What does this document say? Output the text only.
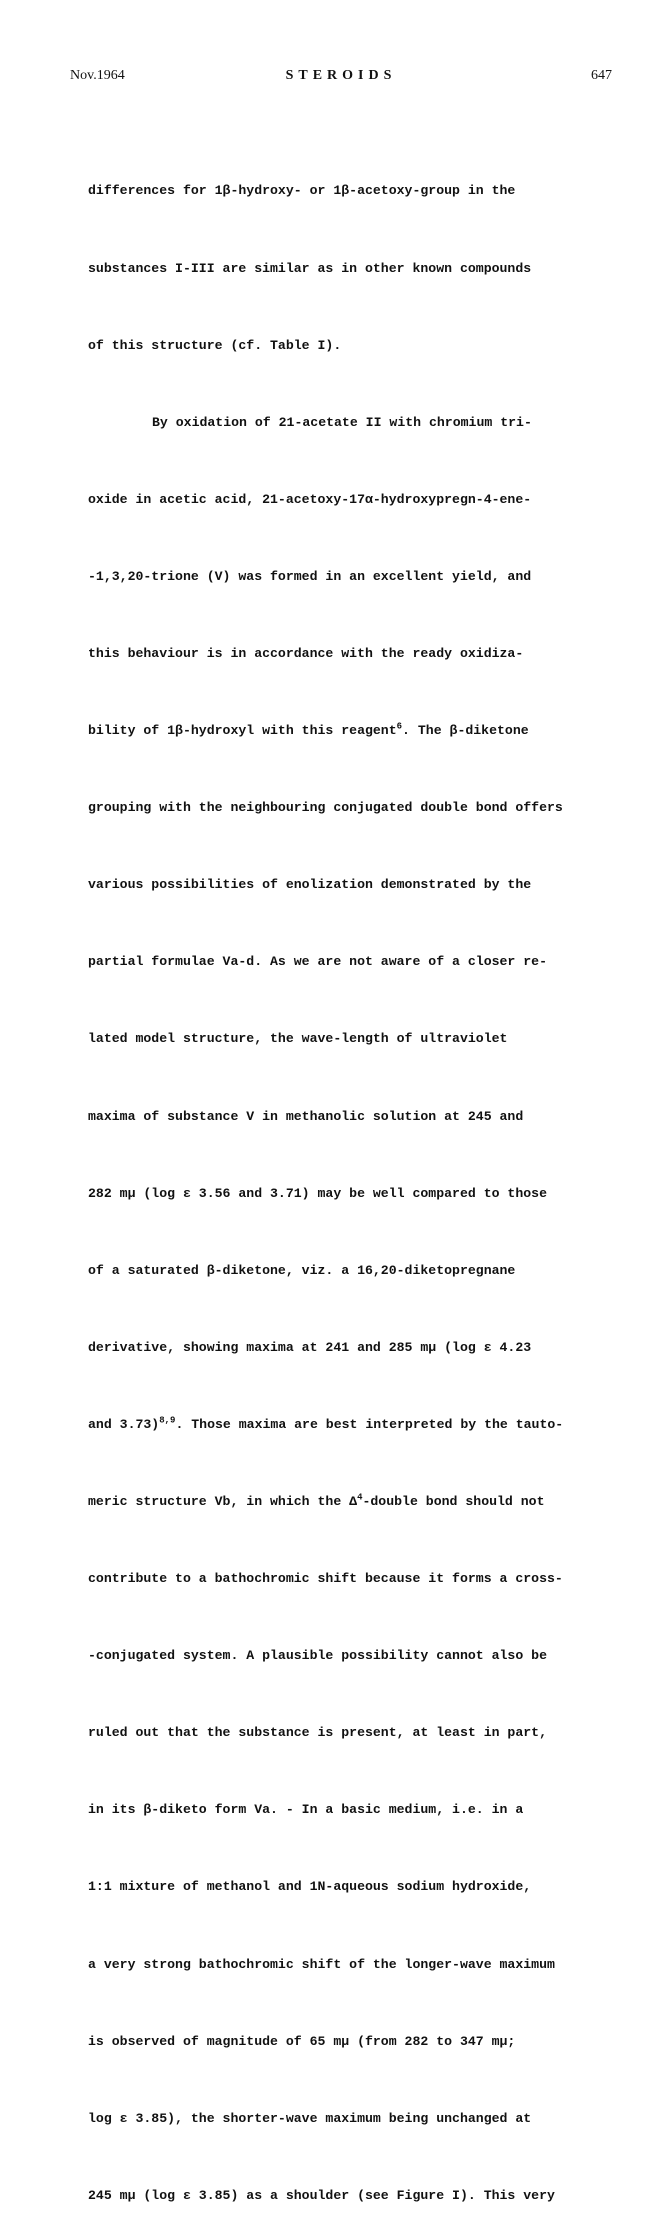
Nov.1964	STEROIDS	647

differences for 1β-hydroxy- or 1β-acetoxy-group in the

substances I-III are similar as in other known compounds

of this structure (cf. Table I).

By oxidation of 21-acetate II with chromium tri-

oxide in acetic acid, 21-acetoxy-17α-hydroxypregn-4-ene-

-1,3,20-trione (V) was formed in an excellent yield, and

this behaviour is in accordance with the ready oxidiza-

bility of 1β-hydroxyl with this reagent$^6$. The β-diketone

grouping with the neighbouring conjugated double bond offers

various possibilities of enolization demonstrated by the

partial formulae Va-d. As we are not aware of a closer re-

lated model structure, the wave-length of ultraviolet

maxima of substance V in methanolic solution at 245 and

282 mμ (log ε 3.56 and 3.71) may be well compared to those

of a saturated β-diketone, viz. a 16,20-diketopregnane

derivative, showing maxima at 241 and 285 mμ (log ε 4.23

and 3.73)$^{8,9}$. Those maxima are best interpreted by the tauto-

meric structure Vb, in which the $\Delta^4$-double bond should not

contribute to a bathochromic shift because it forms a cross-

-conjugated system. A plausible possibility cannot also be

ruled out that the substance is present, at least in part,

in its β-diketo form Va. - In a basic medium, i.e. in a

1:1 mixture of methanol and 1N-aqueous sodium hydroxide,

a very strong bathochromic shift of the longer-wave maximum

is observed of magnitude of 65 mμ (from 282 to 347 mμ;

log ε 3.85), the shorter-wave maximum being unchanged at

245 mμ (log ε 3.85) as a shoulder (see Figure I). This very
